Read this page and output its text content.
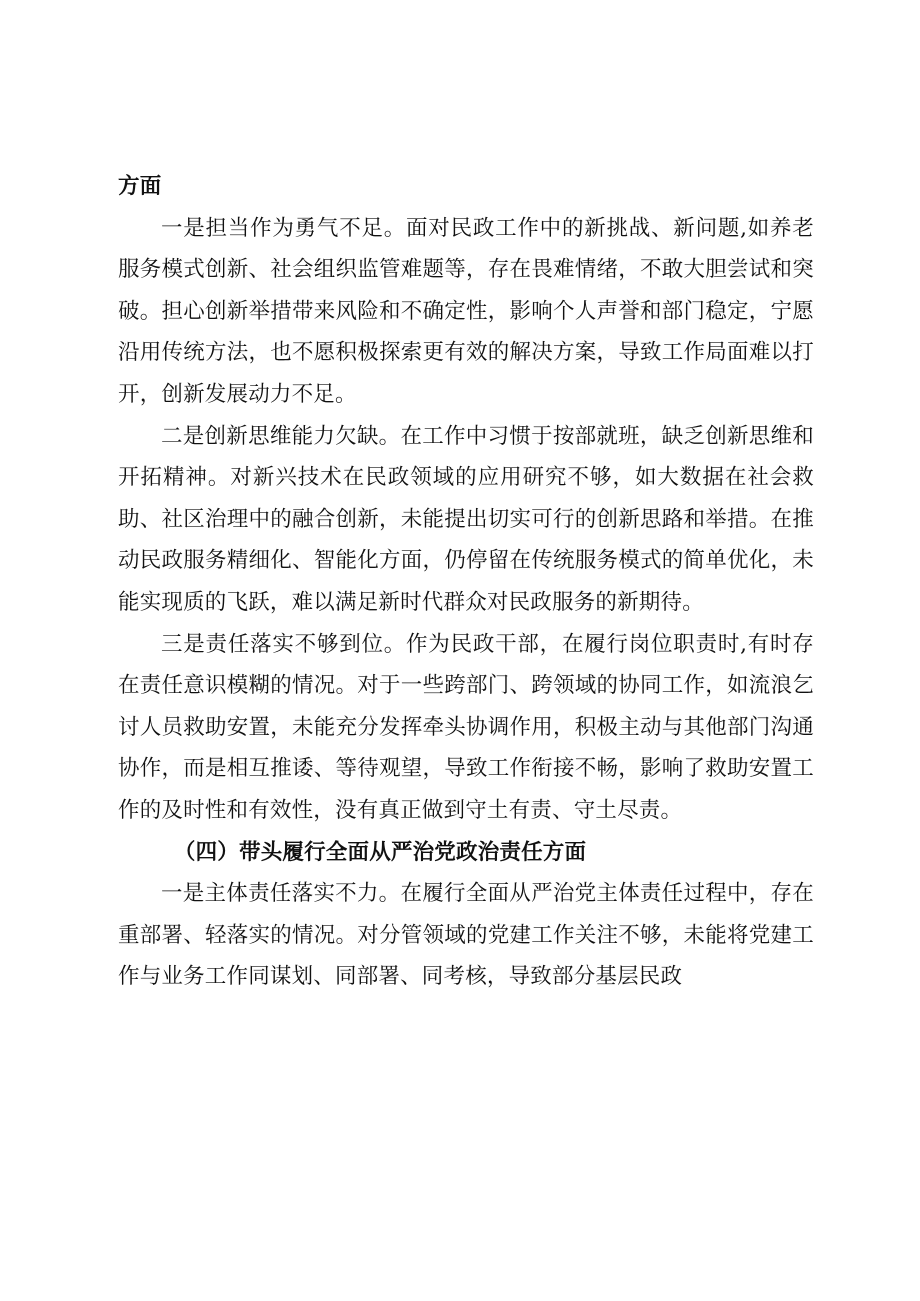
方面

一是担当作为勇气不足。面对民政工作中的新挑战、新问题,如养老服务模式创新、社会组织监管难题等，存在畏难情绪，不敢大胆尝试和突破。担心创新举措带来风险和不确定性，影响个人声誉和部门稳定，宁愿沿用传统方法，也不愿积极探索更有效的解决方案，导致工作局面难以打开，创新发展动力不足。

二是创新思维能力欠缺。在工作中习惯于按部就班，缺乏创新思维和开拓精神。对新兴技术在民政领域的应用研究不够，如大数据在社会救助、社区治理中的融合创新，未能提出切实可行的创新思路和举措。在推动民政服务精细化、智能化方面，仍停留在传统服务模式的简单优化，未能实现质的飞跃，难以满足新时代群众对民政服务的新期待。

三是责任落实不够到位。作为民政干部，在履行岗位职责时,有时存在责任意识模糊的情况。对于一些跨部门、跨领域的协同工作，如流浪乞讨人员救助安置，未能充分发挥牵头协调作用，积极主动与其他部门沟通协作，而是相互推诿、等待观望，导致工作衔接不畅，影响了救助安置工作的及时性和有效性，没有真正做到守土有责、守土尽责。

（四）带头履行全面从严治党政治责任方面

一是主体责任落实不力。在履行全面从严治党主体责任过程中，存在重部署、轻落实的情况。对分管领域的党建工作关注不够，未能将党建工作与业务工作同谋划、同部署、同考核，导致部分基层民政
